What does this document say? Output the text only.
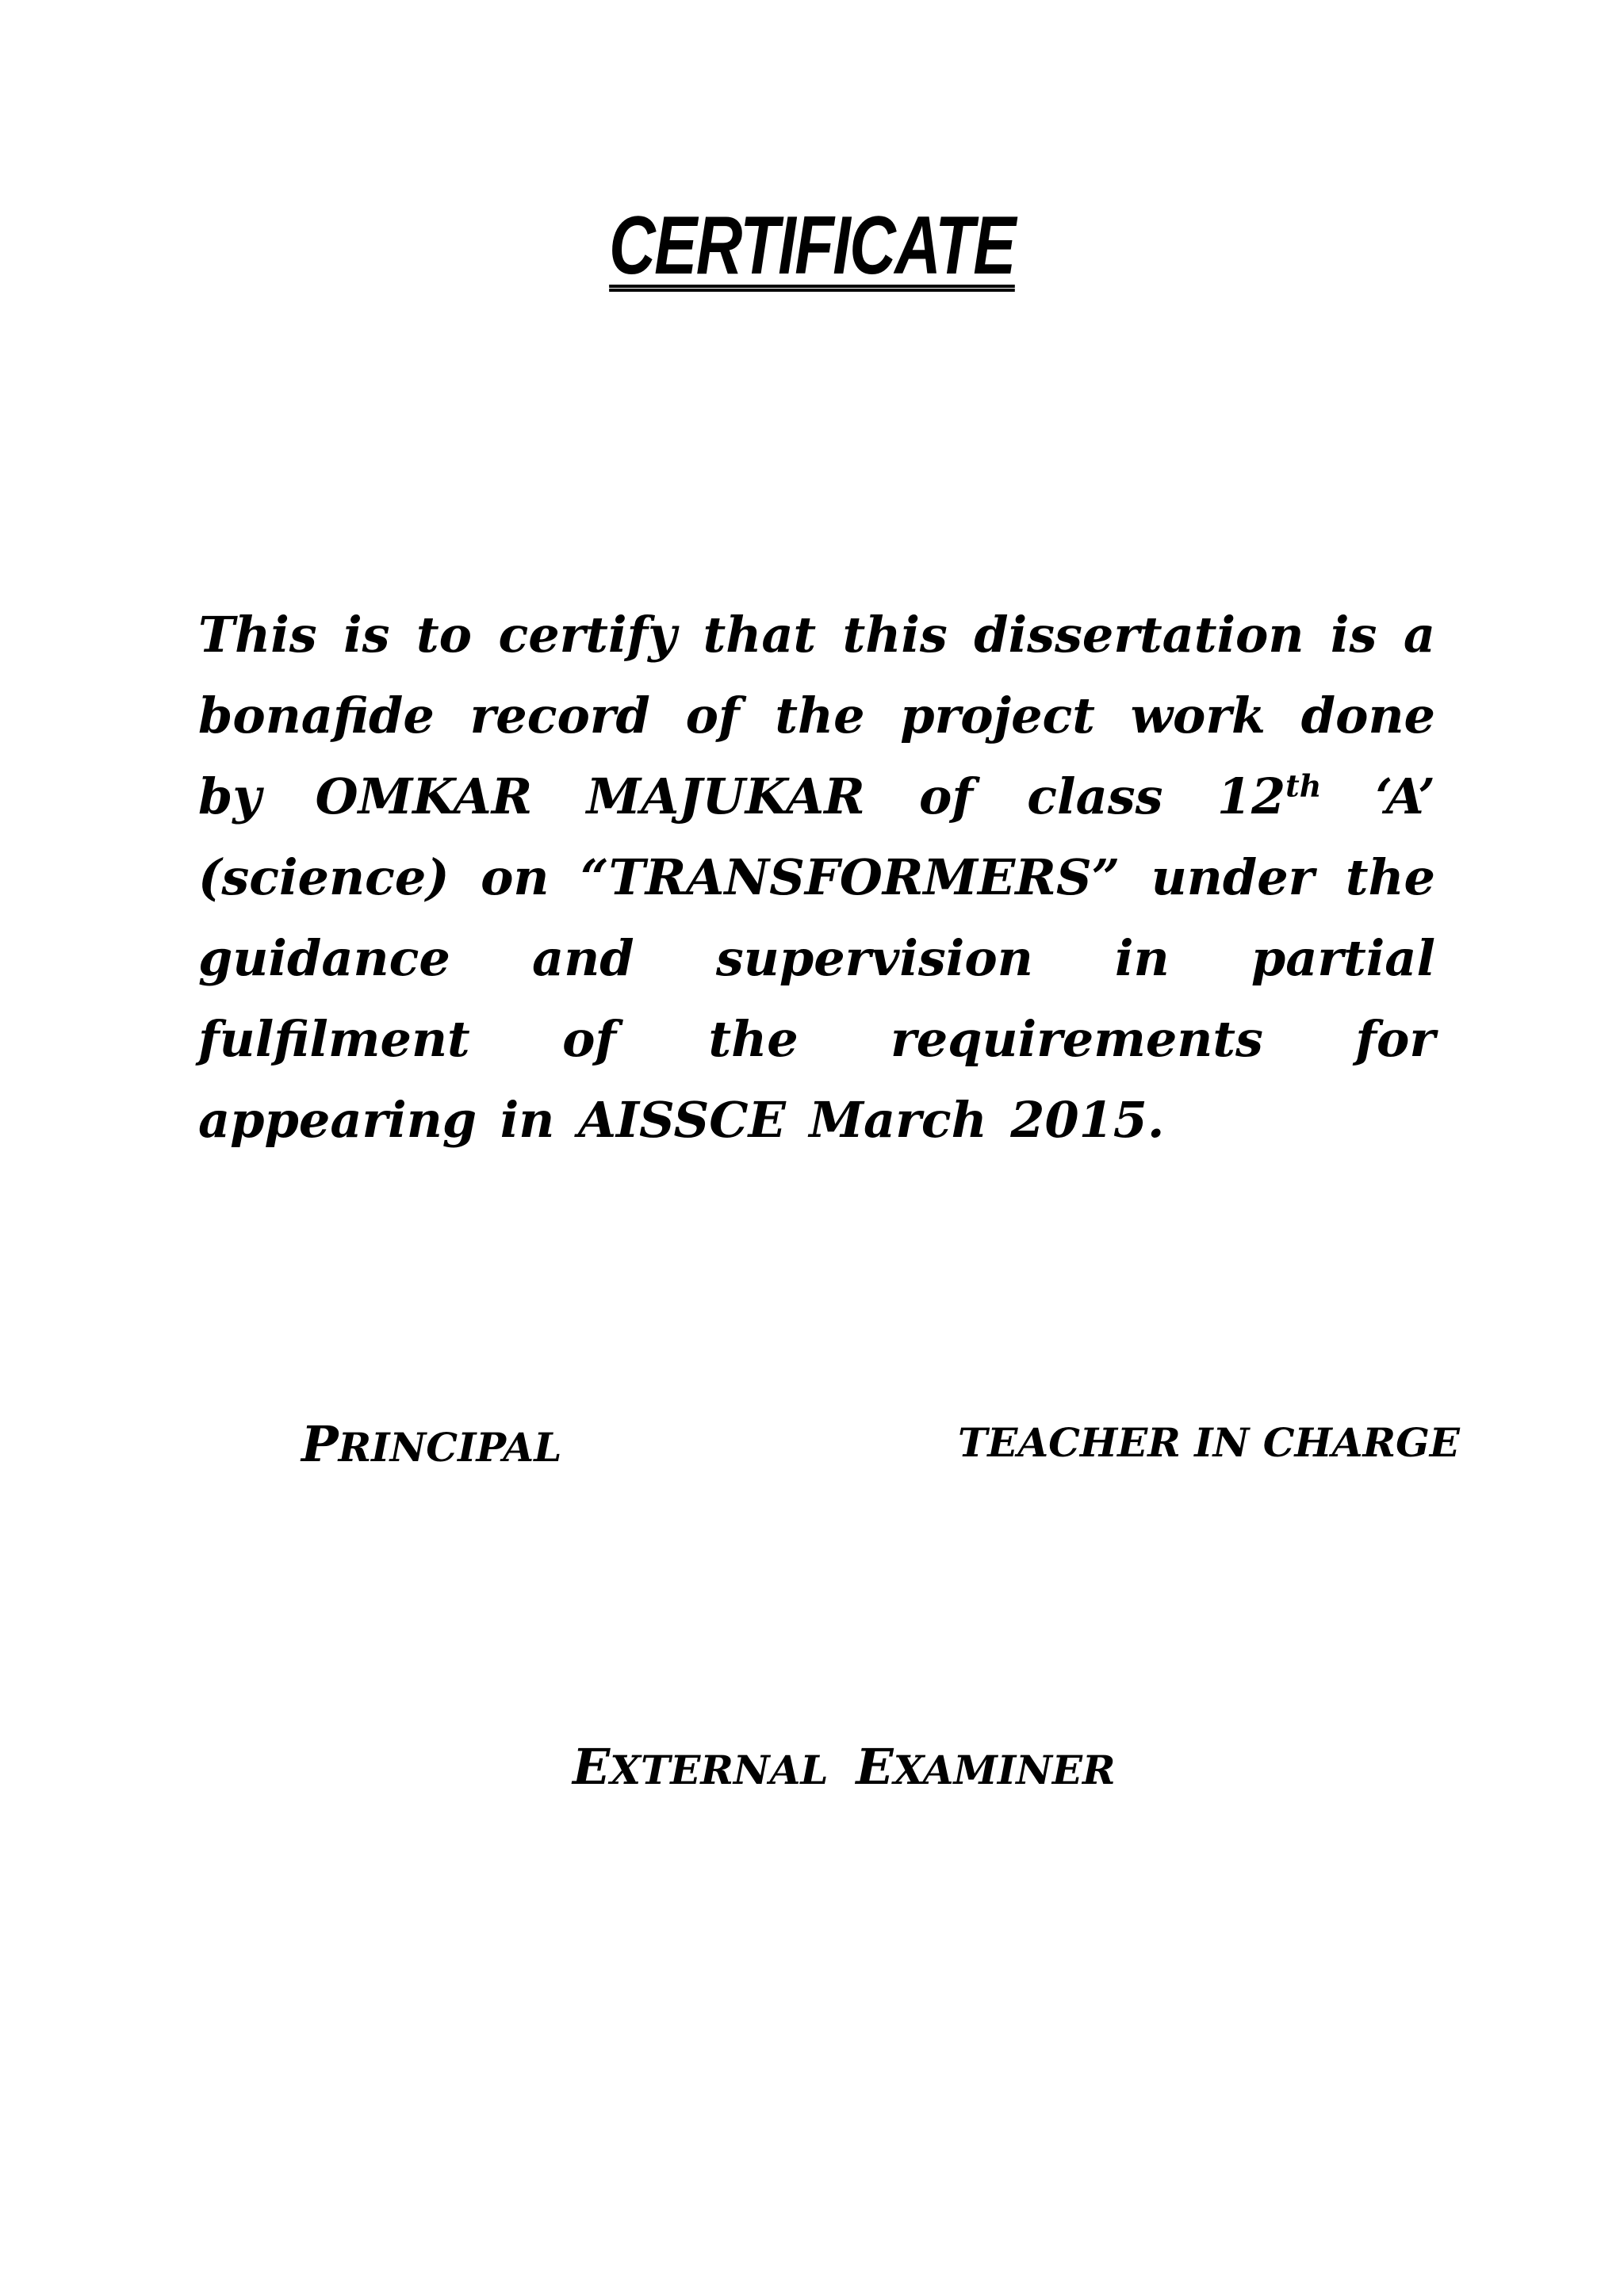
CERTIFICATE

This is to certify that this dissertation is a bonafide record of the project work done by OMKAR MAJUKAR of class 12th ‘A’ (science) on “TRANSFORMERS” under the guidance and supervision in partial fulfilment of the requirements for appearing in AISSCE March 2015.

PRINCIPAL	TEACHER IN CHARGE
EXTERNAL EXAMINER
